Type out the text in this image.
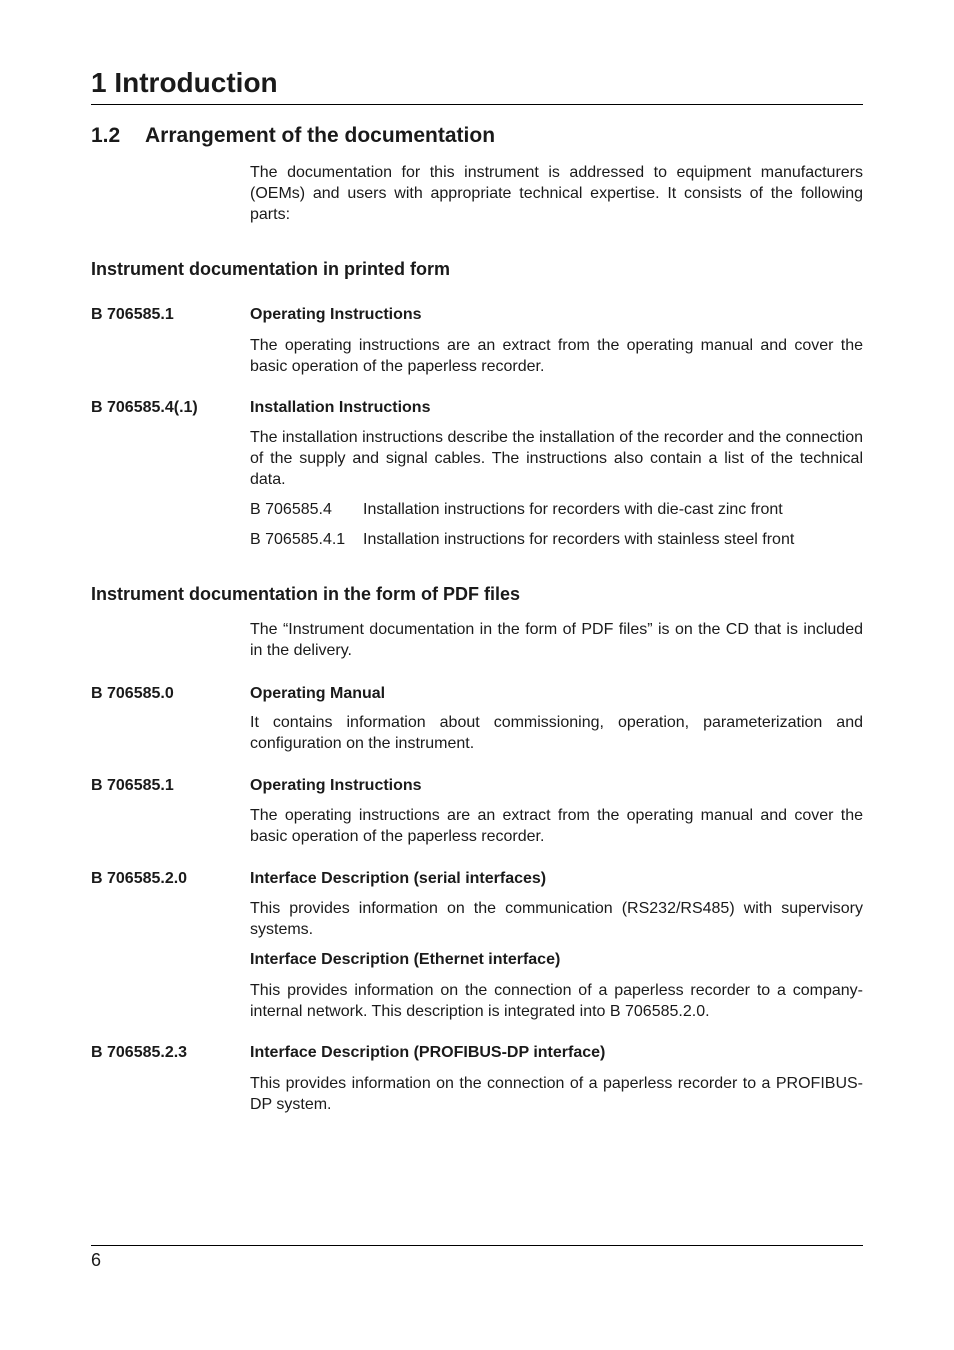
1 Introduction
1.2 Arrangement of the documentation
The documentation for this instrument is addressed to equipment manufacturers (OEMs) and users with appropriate technical expertise. It consists of the following parts:
Instrument documentation in printed form
B 706585.1	Operating Instructions
The operating instructions are an extract from the operating manual and cover the basic operation of the paperless recorder.
B 706585.4(.1)	Installation Instructions
The installation instructions describe the installation of the recorder and the connection of the supply and signal cables. The instructions also contain a list of the technical data.
B 706585.4 Installation instructions for recorders with die-cast zinc front
B 706585.4.1 Installation instructions for recorders with stainless steel front
Instrument documentation in the form of PDF files
The “Instrument documentation in the form of PDF files” is on the CD that is included in the delivery.
B 706585.0	Operating Manual
It contains information about commissioning, operation, parameterization and configuration on the instrument.
B 706585.1	Operating Instructions
The operating instructions are an extract from the operating manual and cover the basic operation of the paperless recorder.
B 706585.2.0	Interface Description (serial interfaces)
This provides information on the communication (RS232/RS485) with supervisory systems.
Interface Description (Ethernet interface)
This provides information on the connection of a paperless recorder to a company-internal network. This description is integrated into B 706585.2.0.
B 706585.2.3	Interface Description (PROFIBUS-DP interface)
This provides information on the connection of a paperless recorder to a PROFIBUS-DP system.
6
